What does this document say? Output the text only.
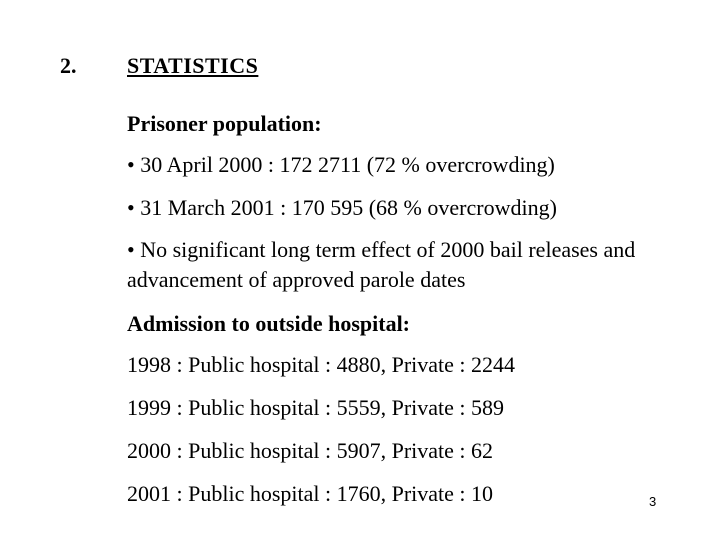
2. STATISTICS
Prisoner population:
• 30 April 2000 : 172 2711 (72 % overcrowding)
• 31 March 2001 : 170 595 (68 % overcrowding)
• No significant long term effect of 2000 bail releases and advancement of approved parole dates
Admission to outside hospital:
1998 : Public hospital : 4880, Private : 2244
1999 : Public hospital : 5559, Private : 589
2000 : Public hospital : 5907, Private : 62
2001 : Public hospital : 1760, Private : 10	3
